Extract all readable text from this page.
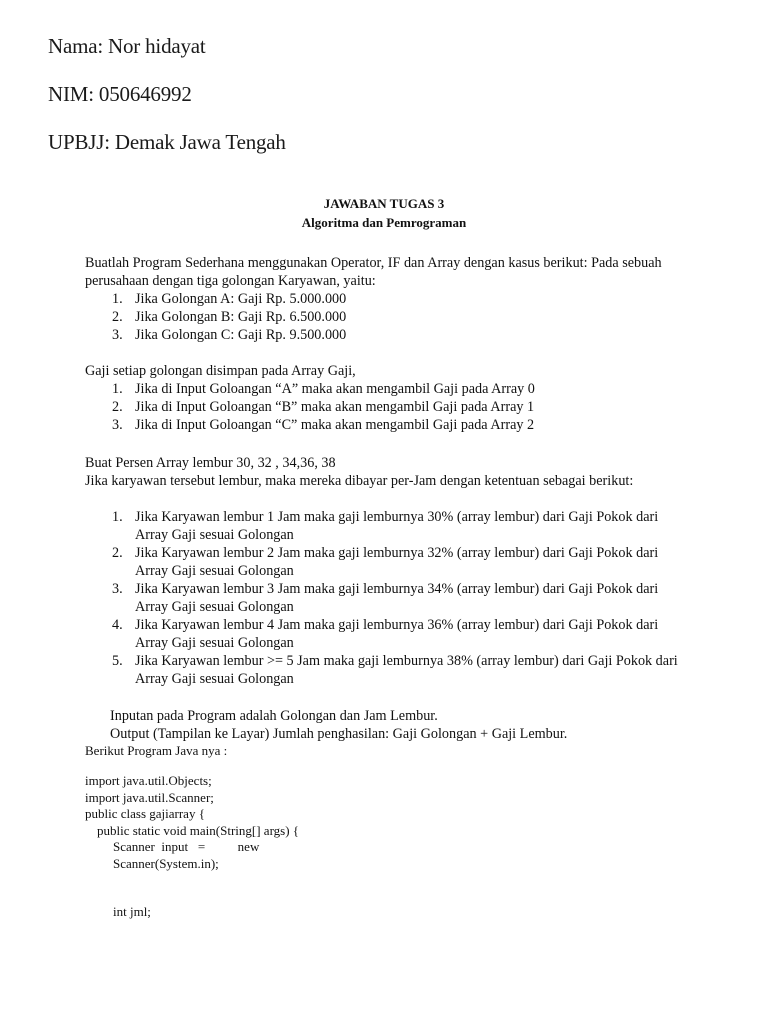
Nama: Nor hidayat
NIM: 050646992
UPBJJ: Demak Jawa Tengah
JAWABAN TUGAS 3
Algoritma dan Pemrograman
Buatlah Program Sederhana menggunakan Operator, IF dan Array dengan kasus berikut: Pada sebuah perusahaan dengan tiga golongan Karyawan, yaitu:
1. Jika Golongan A: Gaji Rp. 5.000.000
2. Jika Golongan B: Gaji Rp. 6.500.000
3. Jika Golongan C: Gaji Rp. 9.500.000
Gaji setiap golongan disimpan pada Array Gaji,
1. Jika di Input Goloangan “A” maka akan mengambil Gaji pada Array 0
2. Jika di Input Goloangan “B” maka akan mengambil Gaji pada Array 1
3. Jika di Input Goloangan “C” maka akan mengambil Gaji pada Array 2
Buat Persen Array lembur 30, 32 , 34,36, 38
Jika karyawan tersebut lembur, maka mereka dibayar per-Jam dengan ketentuan sebagai berikut:
1. Jika Karyawan lembur 1 Jam maka gaji lemburnya 30% (array lembur) dari Gaji Pokok dari Array Gaji sesuai Golongan
2. Jika Karyawan lembur 2 Jam maka gaji lemburnya 32% (array lembur) dari Gaji Pokok dari Array Gaji sesuai Golongan
3. Jika Karyawan lembur 3 Jam maka gaji lemburnya 34% (array lembur) dari Gaji Pokok dari Array Gaji sesuai Golongan
4. Jika Karyawan lembur 4 Jam maka gaji lemburnya 36% (array lembur) dari Gaji Pokok dari Array Gaji sesuai Golongan
5. Jika Karyawan lembur >= 5 Jam maka gaji lemburnya 38% (array lembur) dari Gaji Pokok dari Array Gaji sesuai Golongan
Inputan pada Program adalah Golongan dan Jam Lembur.
Output (Tampilan ke Layar) Jumlah penghasilan: Gaji Golongan + Gaji Lembur.
Berikut Program Java nya :
import java.util.Objects;
import java.util.Scanner;
public class gajiarray {
public static void main(String[] args) {
Scanner  input   =          new
Scanner(System.in);
int jml;
